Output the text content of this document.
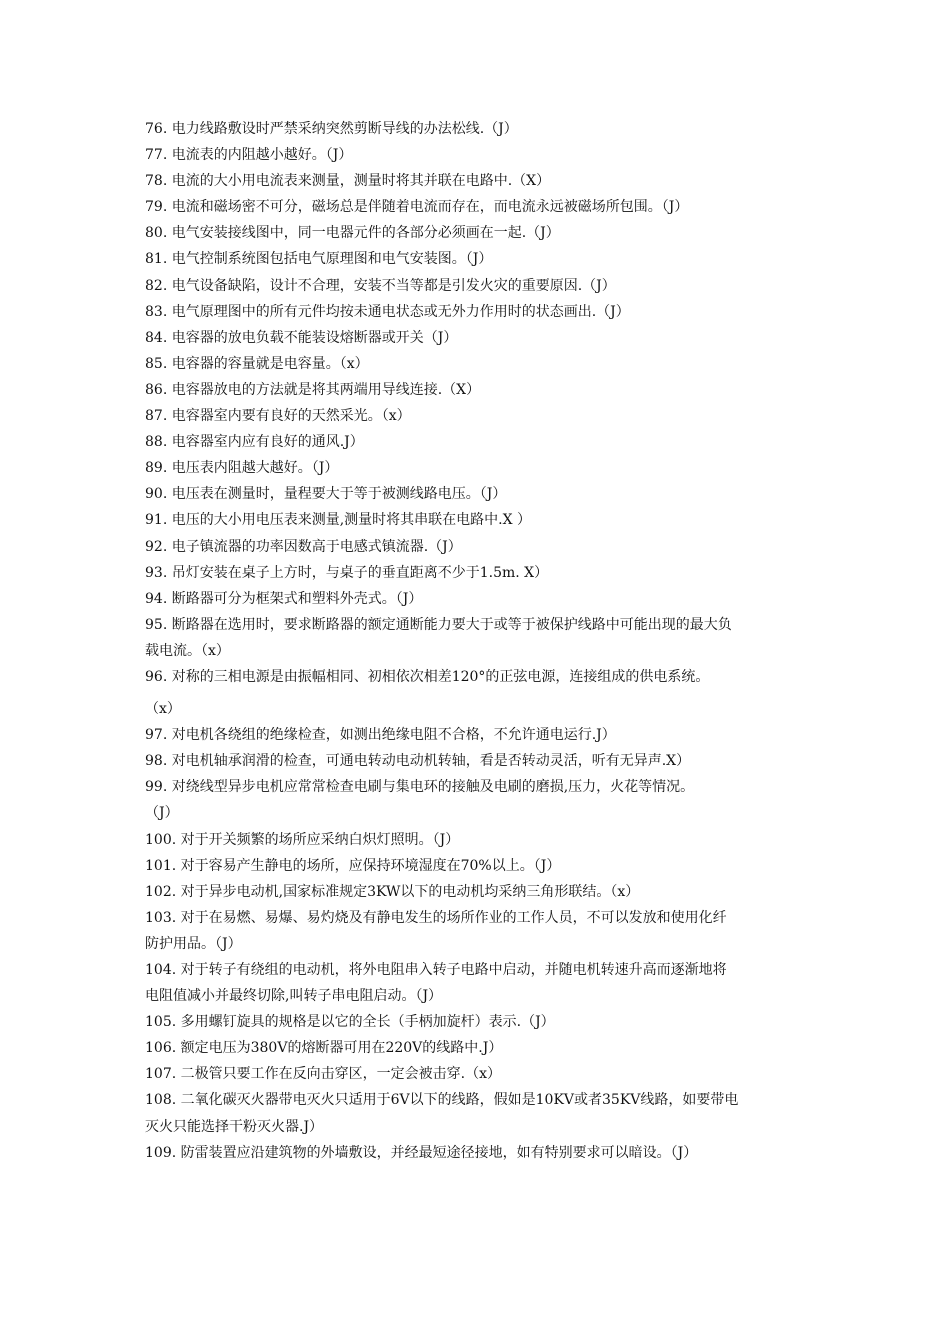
76. 电力线路敷设时严禁采纳突然剪断导线的办法松线.（J）
77. 电流表的内阻越小越好。（J）
78. 电流的大小用电流表来测量，测量时将其并联在电路中.（X）
79. 电流和磁场密不可分，磁场总是伴随着电流而存在，而电流永远被磁场所包围。（J）
80. 电气安装接线图中，同一电器元件的各部分必须画在一起.（J）
81. 电气控制系统图包括电气原理图和电气安装图。（J）
82. 电气设备缺陷，设计不合理，安装不当等都是引发火灾的重要原因.（J）
83. 电气原理图中的所有元件均按未通电状态或无外力作用时的状态画出.（J）
84. 电容器的放电负载不能装设熔断器或开关（J）
85. 电容器的容量就是电容量。（x）
86. 电容器放电的方法就是将其两端用导线连接.（X）
87. 电容器室内要有良好的天然采光。（x）
88. 电容器室内应有良好的通风.J）
89. 电压表内阻越大越好。（J）
90. 电压表在测量时，量程要大于等于被测线路电压。（J）
91. 电压的大小用电压表来测量,测量时将其串联在电路中.X ）
92. 电子镇流器的功率因数高于电感式镇流器.（J）
93. 吊灯安装在桌子上方时，与桌子的垂直距离不少于1.5m. X）
94. 断路器可分为框架式和塑料外壳式。（J）
95. 断路器在选用时，要求断路器的额定通断能力要大于或等于被保护线路中可能出现的最大负
载电流。（x）
96. 对称的三相电源是由振幅相同、初相依次相差120°的正弦电源，连接组成的供电系统。
（x）
97. 对电机各绕组的绝缘检查，如测出绝缘电阻不合格，不允许通电运行.J）
98. 对电机轴承润滑的检查，可通电转动电动机转轴，看是否转动灵活，听有无异声.X）
99. 对绕线型异步电机应常常检查电刷与集电环的接触及电刷的磨损,压力，火花等情况。
（J）
100. 对于开关频繁的场所应采纳白炽灯照明。（J）
101. 对于容易产生静电的场所，应保持环境湿度在70%以上。（J）
102. 对于异步电动机,国家标准规定3KW以下的电动机均采纳三角形联结。（x）
103. 对于在易燃、易爆、易灼烧及有静电发生的场所作业的工作人员，不可以发放和使用化纤
防护用品。（J）
104. 对于转子有绕组的电动机，将外电阻串入转子电路中启动，并随电机转速升高而逐渐地将
电阻值减小并最终切除,叫转子串电阻启动。（J）
105. 多用螺钉旋具的规格是以它的全长（手柄加旋杆）表示.（J）
106. 额定电压为380V的熔断器可用在220V的线路中.J）
107. 二极管只要工作在反向击穿区，一定会被击穿.（x）
108. 二氧化碳灭火器带电灭火只适用于6V以下的线路，假如是10KV或者35KV线路，如要带电
灭火只能选择干粉灭火器.J）
109. 防雷装置应沿建筑物的外墙敷设，并经最短途径接地，如有特别要求可以暗设。（J）
